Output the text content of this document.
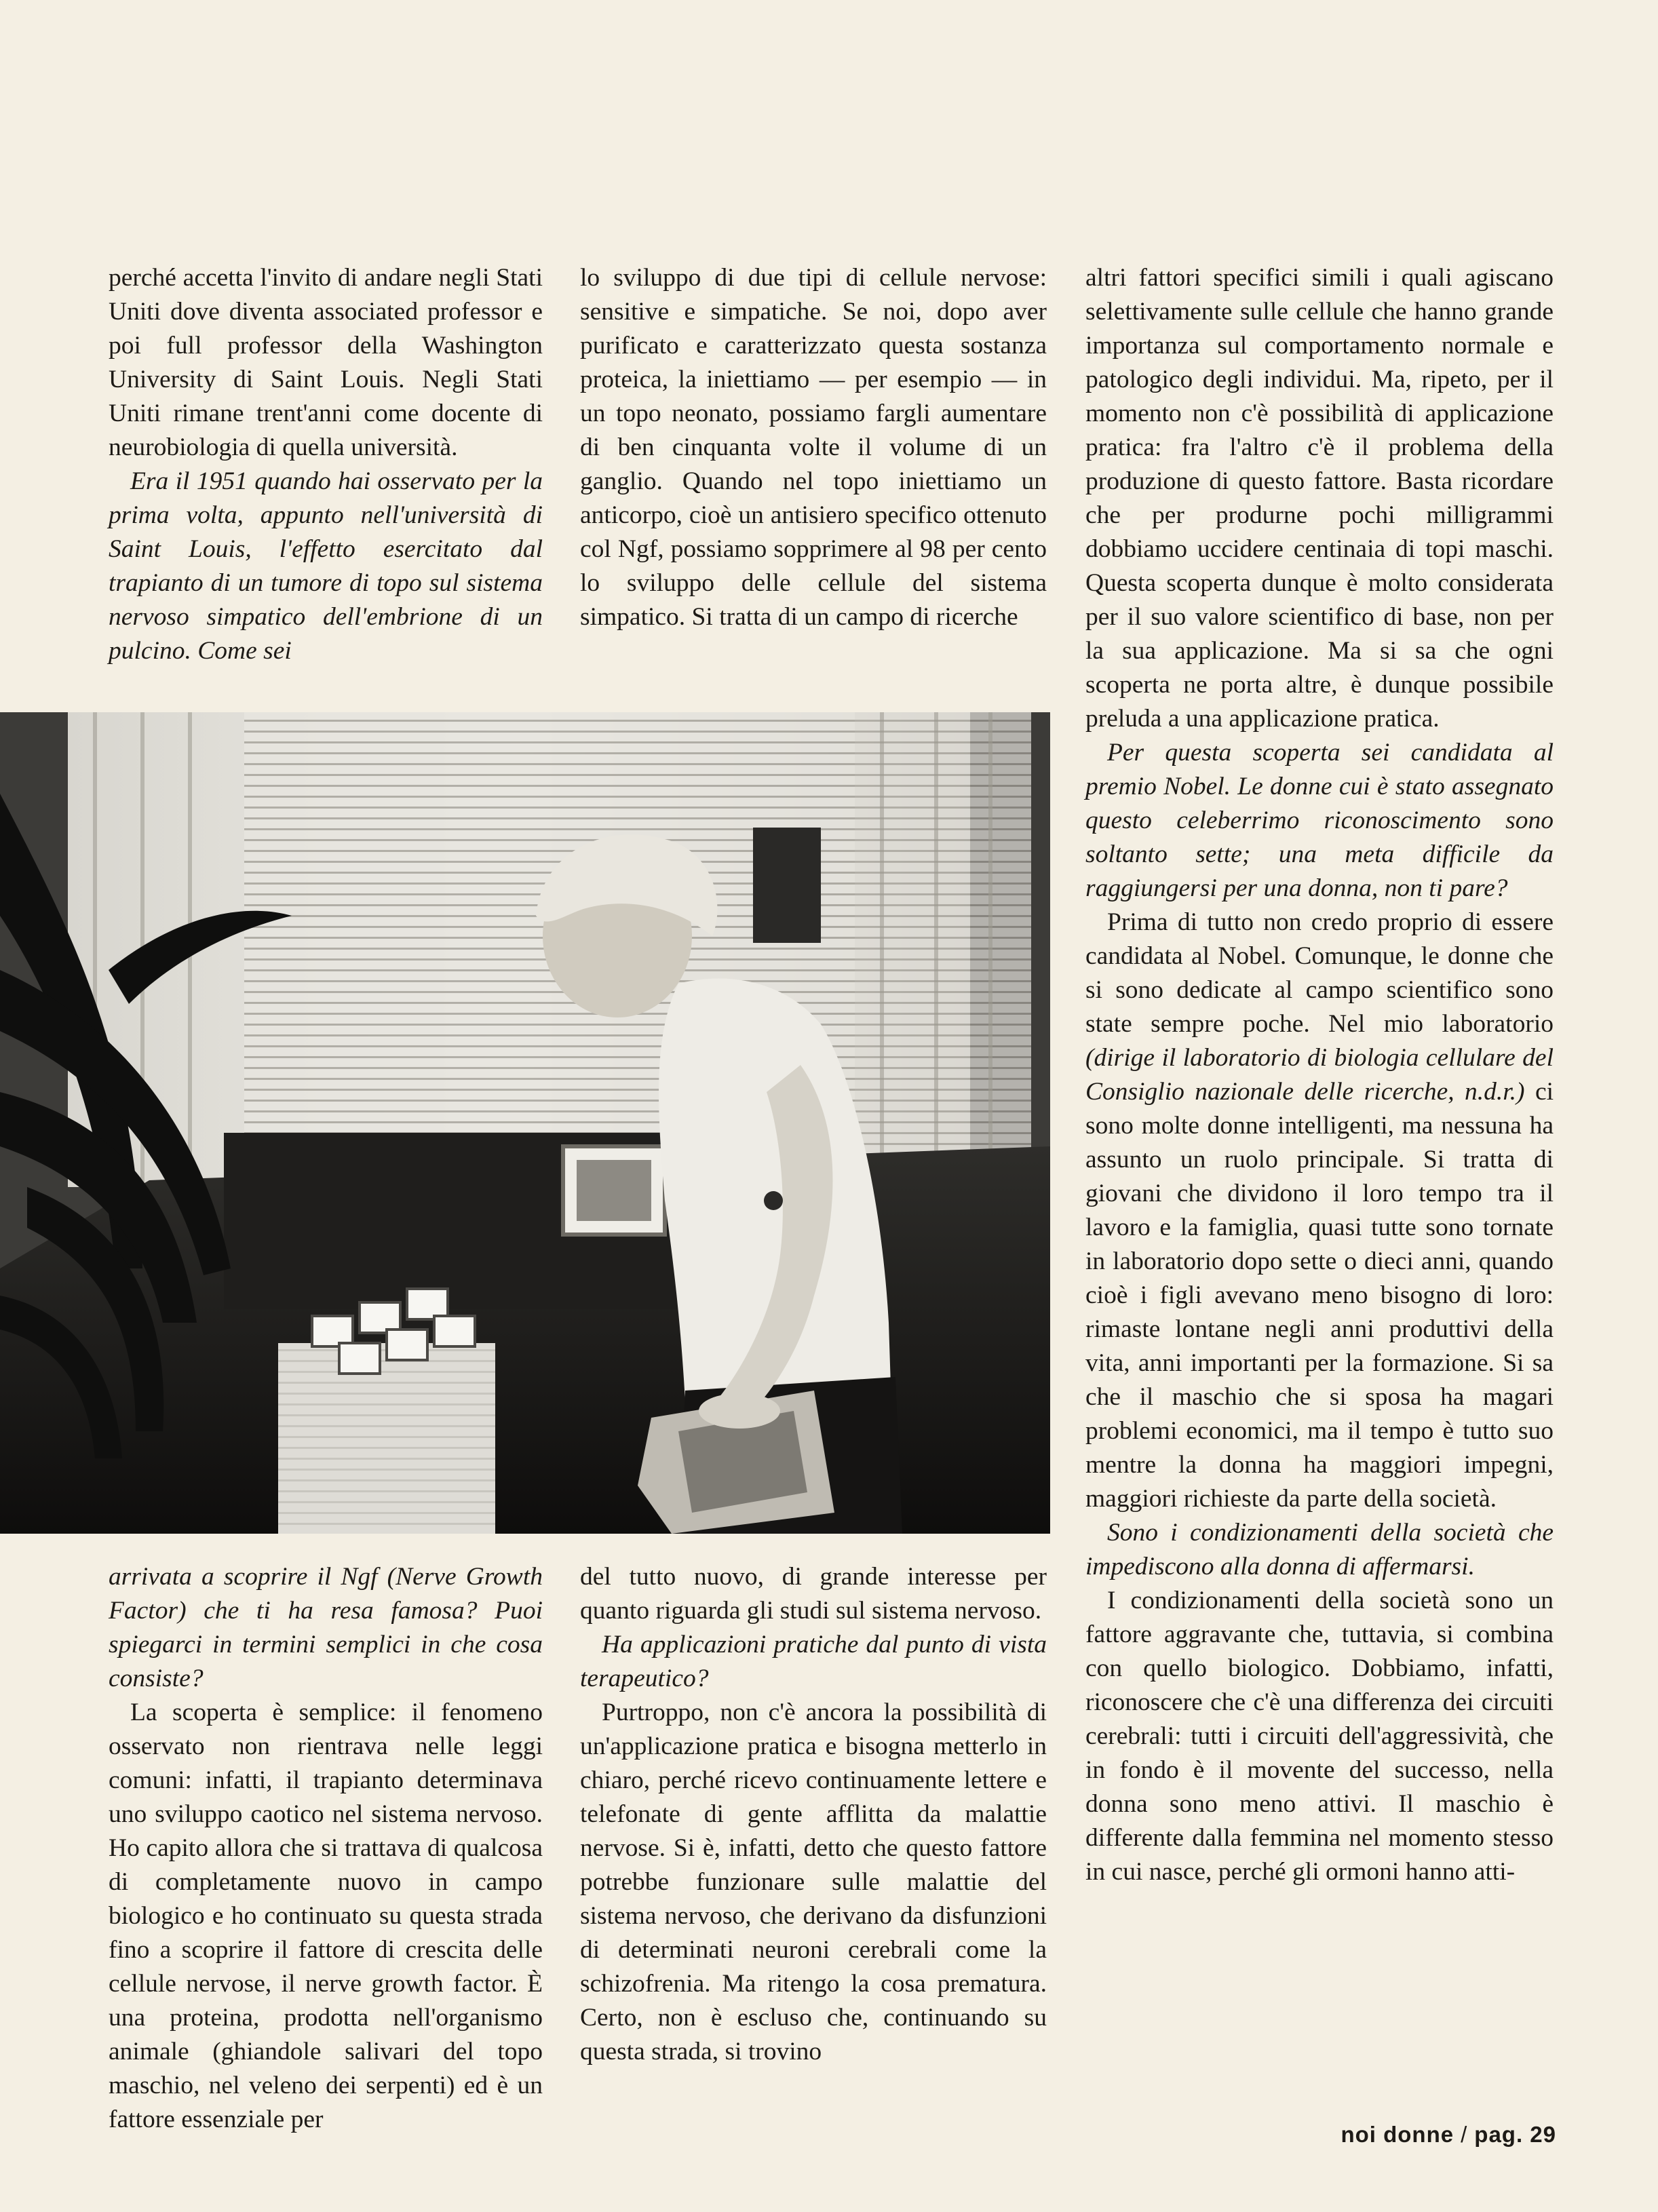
perché accetta l'invito di andare negli Stati Uniti dove diventa associated professor e poi full professor della Washington University di Saint Louis. Negli Stati Uniti rimane trent'anni come docente di neurobiologia di quella università.

Era il 1951 quando hai osservato per la prima volta, appunto nell'università di Saint Louis, l'effetto esercitato dal trapianto di un tumore di topo sul sistema nervoso simpatico dell'embrione di un pulcino. Come sei

lo sviluppo di due tipi di cellule nervose: sensitive e simpatiche. Se noi, dopo aver purificato e caratterizzato questa sostanza proteica, la iniettiamo — per esempio — in un topo neonato, possiamo fargli aumentare di ben cinquanta volte il volume di un ganglio. Quando nel topo iniettiamo un anticorpo, cioè un antisiero specifico ottenuto col Ngf, possiamo sopprimere al 98 per cento lo sviluppo delle cellule del sistema simpatico. Si tratta di un campo di ricerche

altri fattori specifici simili i quali agiscano selettivamente sulle cellule che hanno grande importanza sul comportamento normale e patologico degli individui. Ma, ripeto, per il momento non c'è possibilità di applicazione pratica: fra l'altro c'è il problema della produzione di questo fattore. Basta ricordare che per produrne pochi milligrammi dobbiamo uccidere centinaia di topi maschi. Questa scoperta dunque è molto considerata per il suo valore scientifico di base, non per la sua applicazione. Ma si sa che ogni scoperta ne porta altre, è dunque possibile preluda a una applicazione pratica.

Per questa scoperta sei candidata al premio Nobel. Le donne cui è stato assegnato questo celeberrimo riconoscimento sono soltanto sette; una meta difficile da raggiungersi per una donna, non ti pare?

Prima di tutto non credo proprio di essere candidata al Nobel. Comunque, le donne che si sono dedicate al campo scientifico sono state sempre poche. Nel mio laboratorio (dirige il laboratorio di biologia cellulare del Consiglio nazionale delle ricerche, n.d.r.) ci sono molte donne intelligenti, ma nessuna ha assunto un ruolo principale. Si tratta di giovani che dividono il loro tempo tra il lavoro e la famiglia, quasi tutte sono tornate in laboratorio dopo sette o dieci anni, quando cioè i figli avevano meno bisogno di loro: rimaste lontane negli anni produttivi della vita, anni importanti per la formazione. Si sa che il maschio che si sposa ha magari problemi economici, ma il tempo è tutto suo mentre la donna ha maggiori impegni, maggiori richieste da parte della società.

Sono i condizionamenti della società che impediscono alla donna di affermarsi.

I condizionamenti della società sono un fattore aggravante che, tuttavia, si combina con quello biologico. Dobbiamo, infatti, riconoscere che c'è una differenza dei circuiti cerebrali: tutti i circuiti dell'aggressività, che in fondo è il movente del successo, nella donna sono meno attivi. Il maschio è differente dalla femmina nel momento stesso in cui nasce, perché gli ormoni hanno atti-

arrivata a scoprire il Ngf (Nerve Growth Factor) che ti ha resa famosa? Puoi spiegarci in termini semplici in che cosa consiste?

La scoperta è semplice: il fenomeno osservato non rientrava nelle leggi comuni: infatti, il trapianto determinava uno sviluppo caotico nel sistema nervoso. Ho capito allora che si trattava di qualcosa di completamente nuovo in campo biologico e ho continuato su questa strada fino a scoprire il fattore di crescita delle cellule nervose, il nerve growth factor. È una proteina, prodotta nell'organismo animale (ghiandole salivari del topo maschio, nel veleno dei serpenti) ed è un fattore essenziale per

del tutto nuovo, di grande interesse per quanto riguarda gli studi sul sistema nervoso.

Ha applicazioni pratiche dal punto di vista terapeutico?

Purtroppo, non c'è ancora la possibilità di un'applicazione pratica e bisogna metterlo in chiaro, perché ricevo continuamente lettere e telefonate di gente afflitta da malattie nervose. Si è, infatti, detto che questo fattore potrebbe funzionare sulle malattie del sistema nervoso, che derivano da disfunzioni di determinati neuroni cerebrali come la schizofrenia. Ma ritengo la cosa prematura. Certo, non è escluso che, continuando su questa strada, si trovino

noi donne / pag. 29
